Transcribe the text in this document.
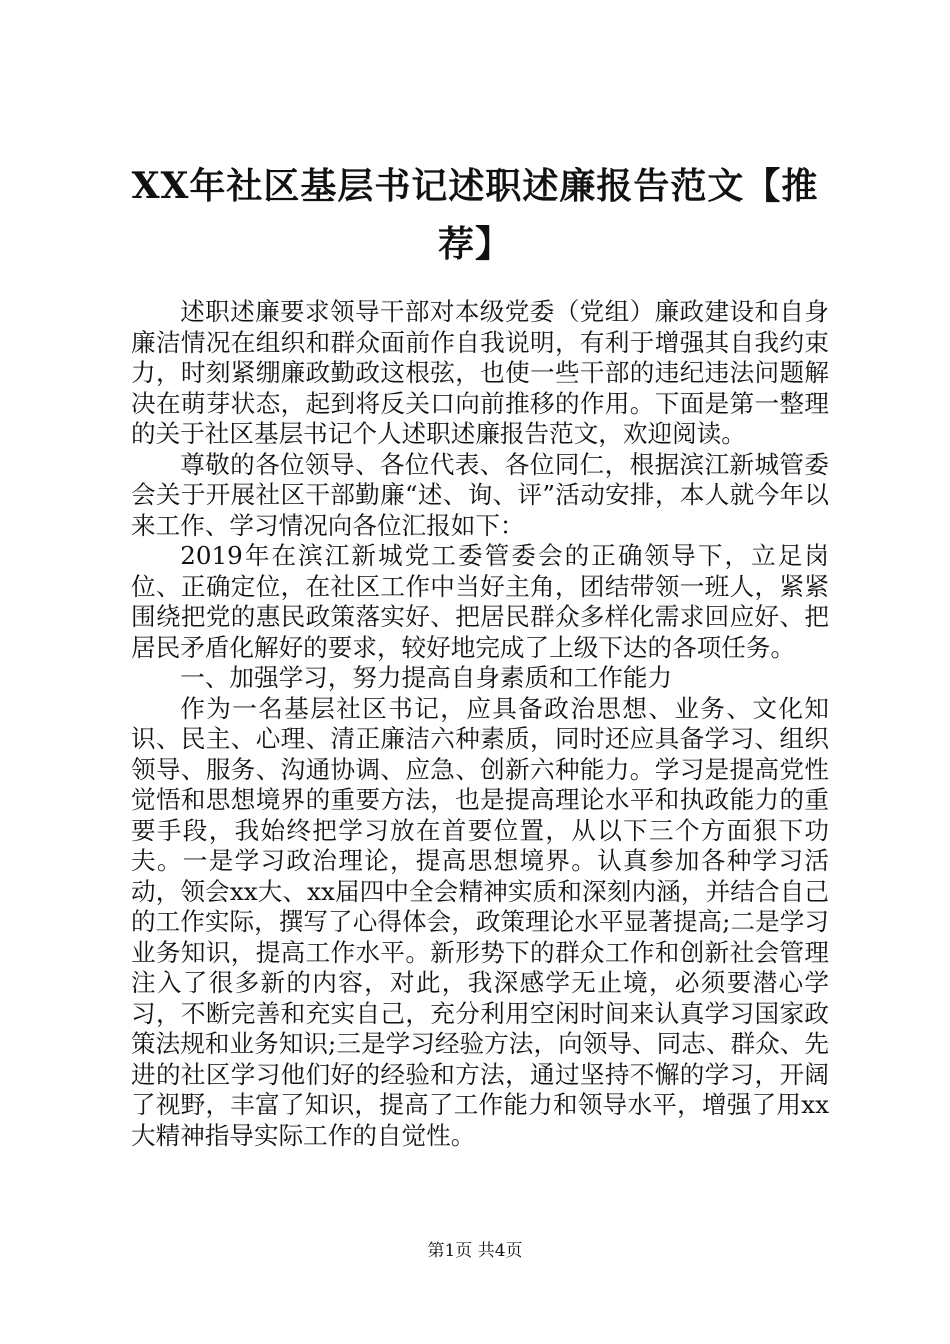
XX年社区基层书记述职述廉报告范文【推荐】

述职述廉要求领导干部对本级党委（党组）廉政建设和自身廉洁情况在组织和群众面前作自我说明，有利于增强其自我约束力，时刻紧绷廉政勤政这根弦，也使一些干部的违纪违法问题解决在萌芽状态，起到将反关口向前推移的作用。下面是第一整理的关于社区基层书记个人述职述廉报告范文，欢迎阅读。

尊敬的各位领导、各位代表、各位同仁，根据滨江新城管委会关于开展社区干部勤廉“述、询、评”活动安排，本人就今年以来工作、学习情况向各位汇报如下：

2019年在滨江新城党工委管委会的正确领导下，立足岗位、正确定位，在社区工作中当好主角，团结带领一班人，紧紧围绕把党的惠民政策落实好、把居民群众多样化需求回应好、把居民矛盾化解好的要求，较好地完成了上级下达的各项任务。

一、加强学习，努力提高自身素质和工作能力

作为一名基层社区书记，应具备政治思想、业务、文化知识、民主、心理、清正廉洁六种素质，同时还应具备学习、组织领导、服务、沟通协调、应急、创新六种能力。学习是提高党性觉悟和思想境界的重要方法，也是提高理论水平和执政能力的重要手段，我始终把学习放在首要位置，从以下三个方面狠下功夫。一是学习政治理论，提高思想境界。认真参加各种学习活动，领会xx大、xx届四中全会精神实质和深刻内涵，并结合自己的工作实际，撰写了心得体会，政策理论水平显著提高;二是学习业务知识，提高工作水平。新形势下的群众工作和创新社会管理注入了很多新的内容，对此，我深感学无止境，必须要潜心学习，不断完善和充实自己，充分利用空闲时间来认真学习国家政策法规和业务知识;三是学习经验方法，向领导、同志、群众、先进的社区学习他们好的经验和方法，通过坚持不懈的学习，开阔了视野，丰富了知识，提高了工作能力和领导水平，增强了用xx大精神指导实际工作的自觉性。

第1页 共4页
